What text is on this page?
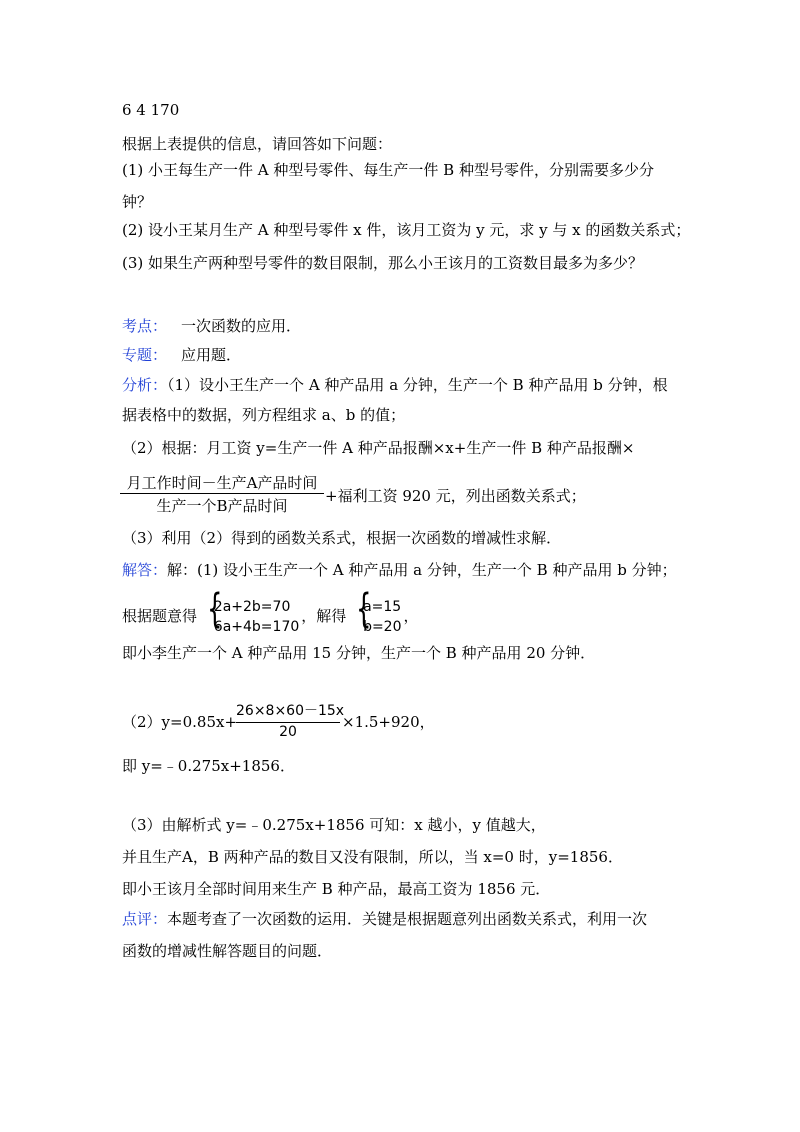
6 4 170
根据上表提供的信息，请回答如下问题：
(1) 小王每生产一件 A 种型号零件、每生产一件 B 种型号零件，分别需要多少分
钟？
(2) 设小王某月生产 A 种型号零件 x 件，该月工资为 y 元，求 y 与 x 的函数关系式；
(3) 如果生产两种型号零件的数目限制，那么小王该月的工资数目最多为多少？
考点： 一次函数的应用．
专题： 应用题．
分析：（1）设小王生产一个 A 种产品用 a 分钟，生产一个 B 种产品用 b 分钟，根
据表格中的数据，列方程组求 a、b 的值；
（2）根据：月工资 y=生产一件 A 种产品报酬×x+生产一件 B 种产品报酬×
月工作时间－生产A产品时间
生产一个B产品时间
+福利工资 920 元，列出函数关系式；
（3）利用（2）得到的函数关系式，根据一次函数的增减性求解．
解答：解：(1) 设小王生产一个 A 种产品用 a 分钟，生产一个 B 种产品用 b 分钟；
根据题意得 {
2a+2b=70
6a+4b=170
，解得 {
a=15
b=20
，
即小李生产一个 A 种产品用 15 分钟，生产一个 B 种产品用 20 分钟．
（2）y=0.85x+
26×8×60－15x
20
×1.5+920，
即 y=﹣0.275x+1856．
（3）由解析式 y=﹣0.275x+1856 可知：x 越小，y 值越大，
并且生产A，B 两种产品的数目又没有限制，所以，当 x=0 时，y=1856．
即小王该月全部时间用来生产 B 种产品，最高工资为 1856 元．
点评：本题考查了一次函数的运用．关键是根据题意列出函数关系式，利用一次
函数的增减性解答题目的问题．
